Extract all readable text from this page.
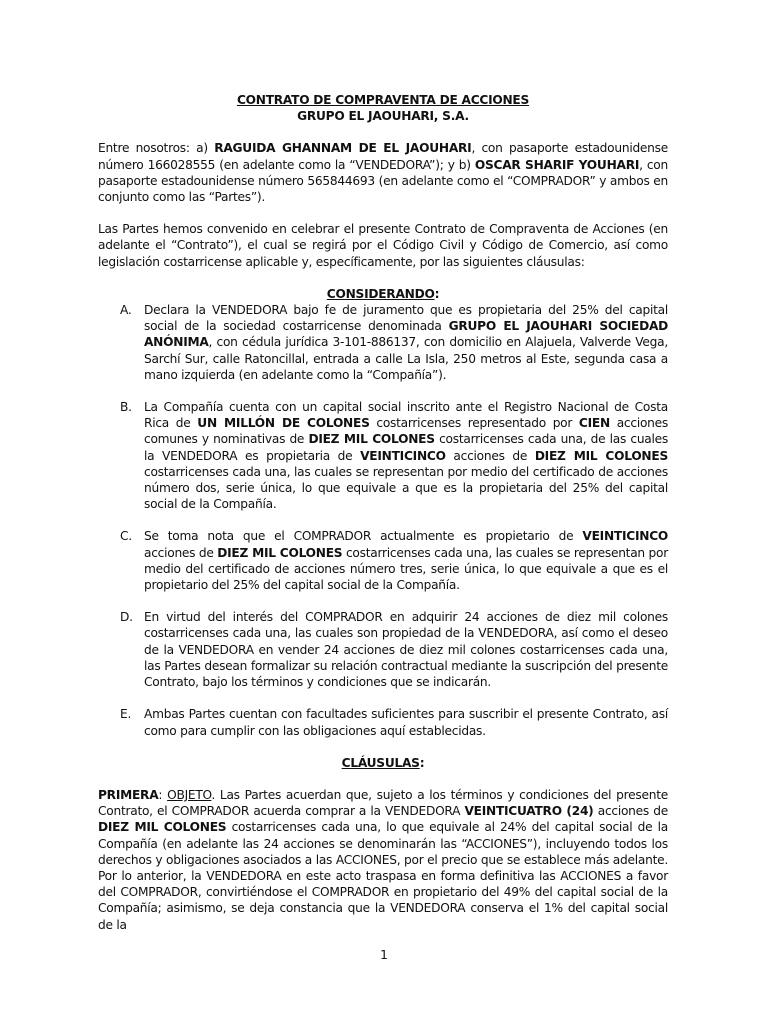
CONTRATO DE COMPRAVENTA DE ACCIONES
GRUPO EL JAOUHARI, S.A.

Entre nosotros: a) RAGUIDA GHANNAM DE EL JAOUHARI, con pasaporte estadounidense número 166028555 (en adelante como la “VENDEDORA”); y b) OSCAR SHARIF YOUHARI, con pasaporte estadounidense número 565844693 (en adelante como el “COMPRADOR” y ambos en conjunto como las “Partes”).

Las Partes hemos convenido en celebrar el presente Contrato de Compraventa de Acciones (en adelante el “Contrato”), el cual se regirá por el Código Civil y Código de Comercio, así como legislación costarricense aplicable y, específicamente, por las siguientes cláusulas:

CONSIDERANDO:
A. Declara la VENDEDORA bajo fe de juramento que es propietaria del 25% del capital social de la sociedad costarricense denominada GRUPO EL JAOUHARI SOCIEDAD ANÓNIMA, con cédula jurídica 3-101-886137, con domicilio en Alajuela, Valverde Vega, Sarchí Sur, calle Ratoncillal, entrada a calle La Isla, 250 metros al Este, segunda casa a mano izquierda (en adelante como la “Compañía”).
B. La Compañía cuenta con un capital social inscrito ante el Registro Nacional de Costa Rica de UN MILLÓN DE COLONES costarricenses representado por CIEN acciones comunes y nominativas de DIEZ MIL COLONES costarricenses cada una, de las cuales la VENDEDORA es propietaria de VEINTICINCO acciones de DIEZ MIL COLONES costarricenses cada una, las cuales se representan por medio del certificado de acciones número dos, serie única, lo que equivale a que es la propietaria del 25% del capital social de la Compañía.
C. Se toma nota que el COMPRADOR actualmente es propietario de VEINTICINCO acciones de DIEZ MIL COLONES costarricenses cada una, las cuales se representan por medio del certificado de acciones número tres, serie única, lo que equivale a que es el propietario del 25% del capital social de la Compañía.
D. En virtud del interés del COMPRADOR en adquirir 24 acciones de diez mil colones costarricenses cada una, las cuales son propiedad de la VENDEDORA, así como el deseo de la VENDEDORA en vender 24 acciones de diez mil colones costarricenses cada una, las Partes desean formalizar su relación contractual mediante la suscripción del presente Contrato, bajo los términos y condiciones que se indicarán.
E. Ambas Partes cuentan con facultades suficientes para suscribir el presente Contrato, así como para cumplir con las obligaciones aquí establecidas.
CLÁUSULAS:

PRIMERA: OBJETO. Las Partes acuerdan que, sujeto a los términos y condiciones del presente Contrato, el COMPRADOR acuerda comprar a la VENDEDORA VEINTICUATRO (24) acciones de DIEZ MIL COLONES costarricenses cada una, lo que equivale al 24% del capital social de la Compañía (en adelante las 24 acciones se denominarán las “ACCIONES”), incluyendo todos los derechos y obligaciones asociados a las ACCIONES, por el precio que se establece más adelante. Por lo anterior, la VENDEDORA en este acto traspasa en forma definitiva las ACCIONES a favor del COMPRADOR, convirtiéndose el COMPRADOR en propietario del 49% del capital social de la Compañía; asimismo, se deja constancia que la VENDEDORA conserva el 1% del capital social de la

1
